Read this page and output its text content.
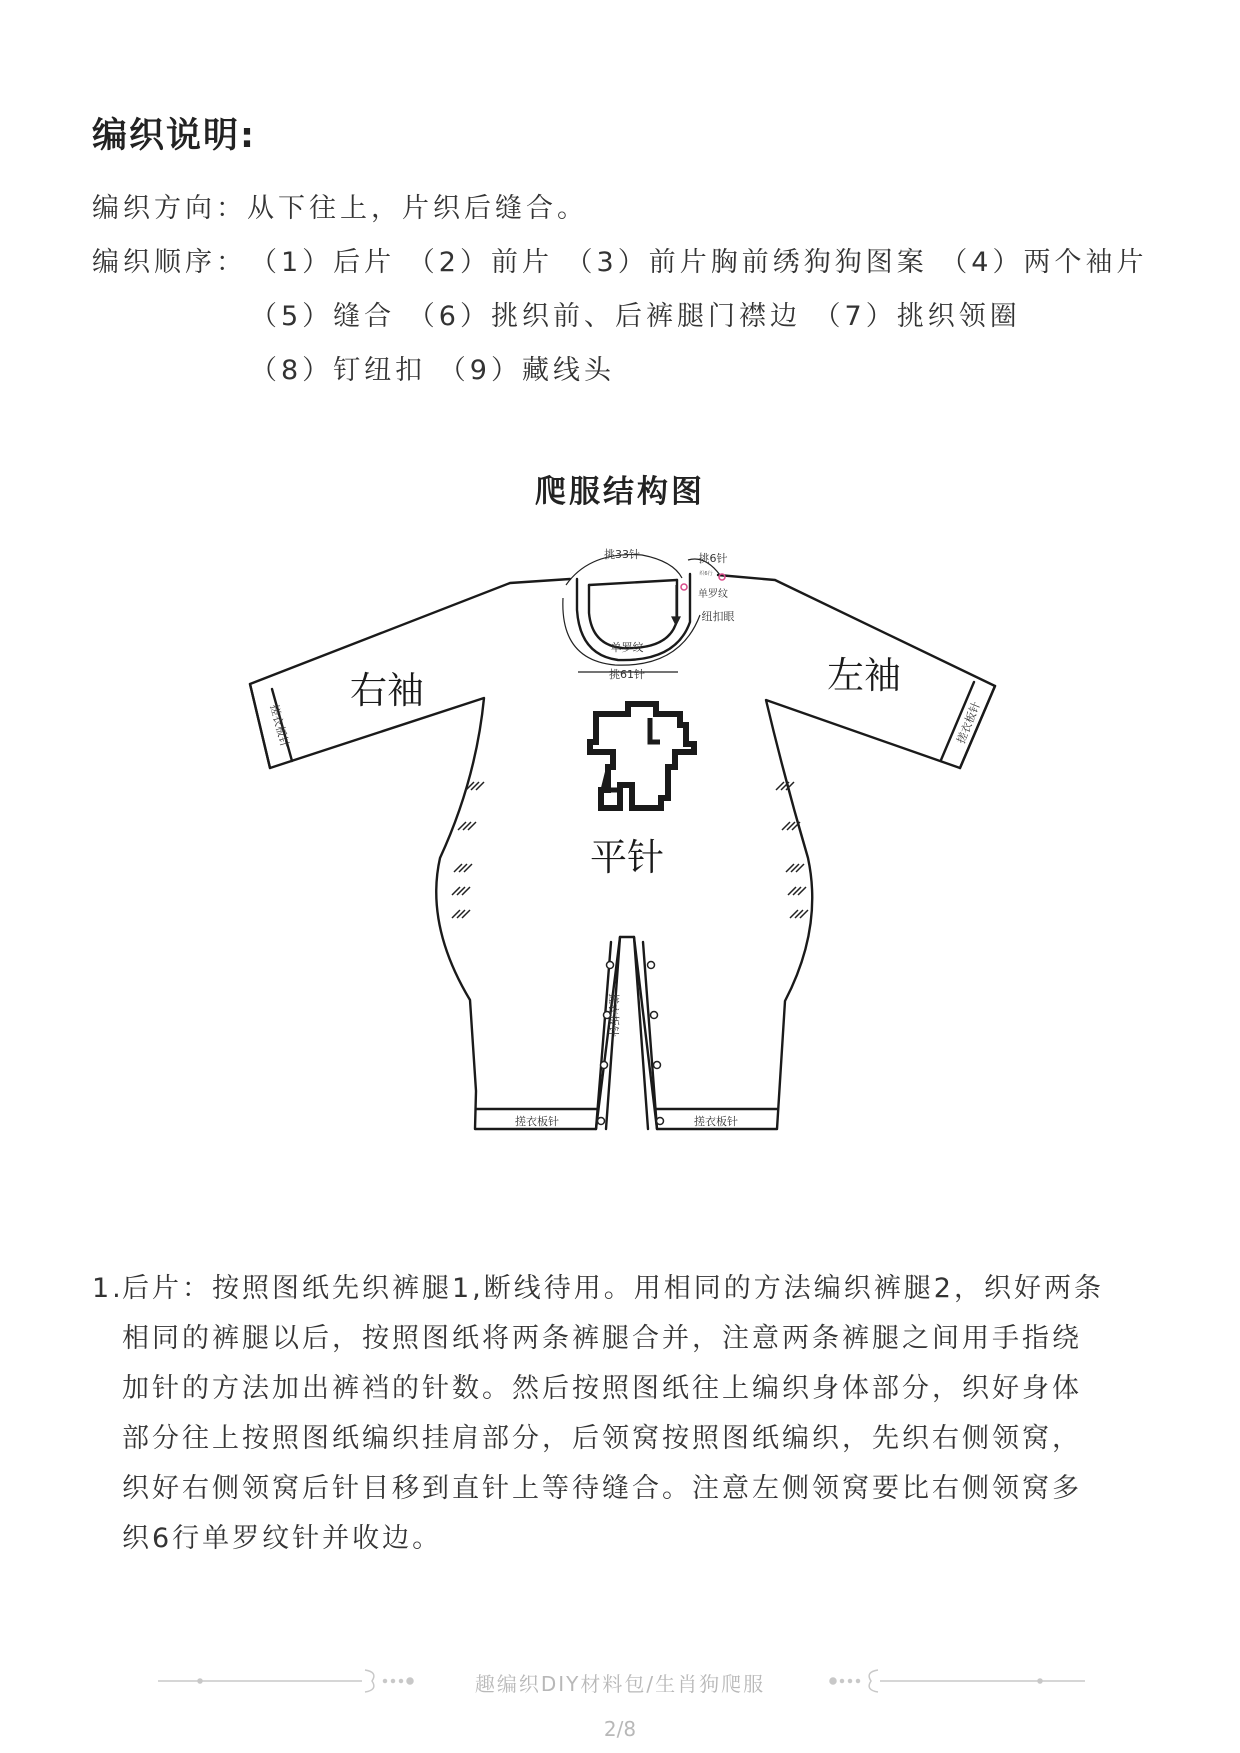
编织说明:
编织方向：从下往上，片织后缝合。
编织顺序： （1）后片 （2）前片 （3）前片胸前绣狗狗图案 （4）两个袖片
（5）缝合 （6）挑织前、后裤腿门襟边 （7）挑织领圈
（8）钉纽扣 （9）藏线头
爬服结构图
右袖	左袖
平针
挑33针	挑6针
织6行
单罗纹
纽扣眼
单罗纹
挑61针
搓衣板针	搓衣板针
搓衣板针	搓衣板针
搓衣板针
1.

后片：按照图纸先织裤腿1,断线待用。用相同的方法编织裤腿2，织好两条

相同的裤腿以后，按照图纸将两条裤腿合并，注意两条裤腿之间用手指绕

加针的方法加出裤裆的针数。然后按照图纸往上编织身体部分，织好身体

部分往上按照图纸编织挂肩部分，后领窝按照图纸编织，先织右侧领窝，

织好右侧领窝后针目移到直针上等待缝合。注意左侧领窝要比右侧领窝多

织6行单罗纹针并收边。

趣编织DIY材料包/生肖狗爬服
2/8
